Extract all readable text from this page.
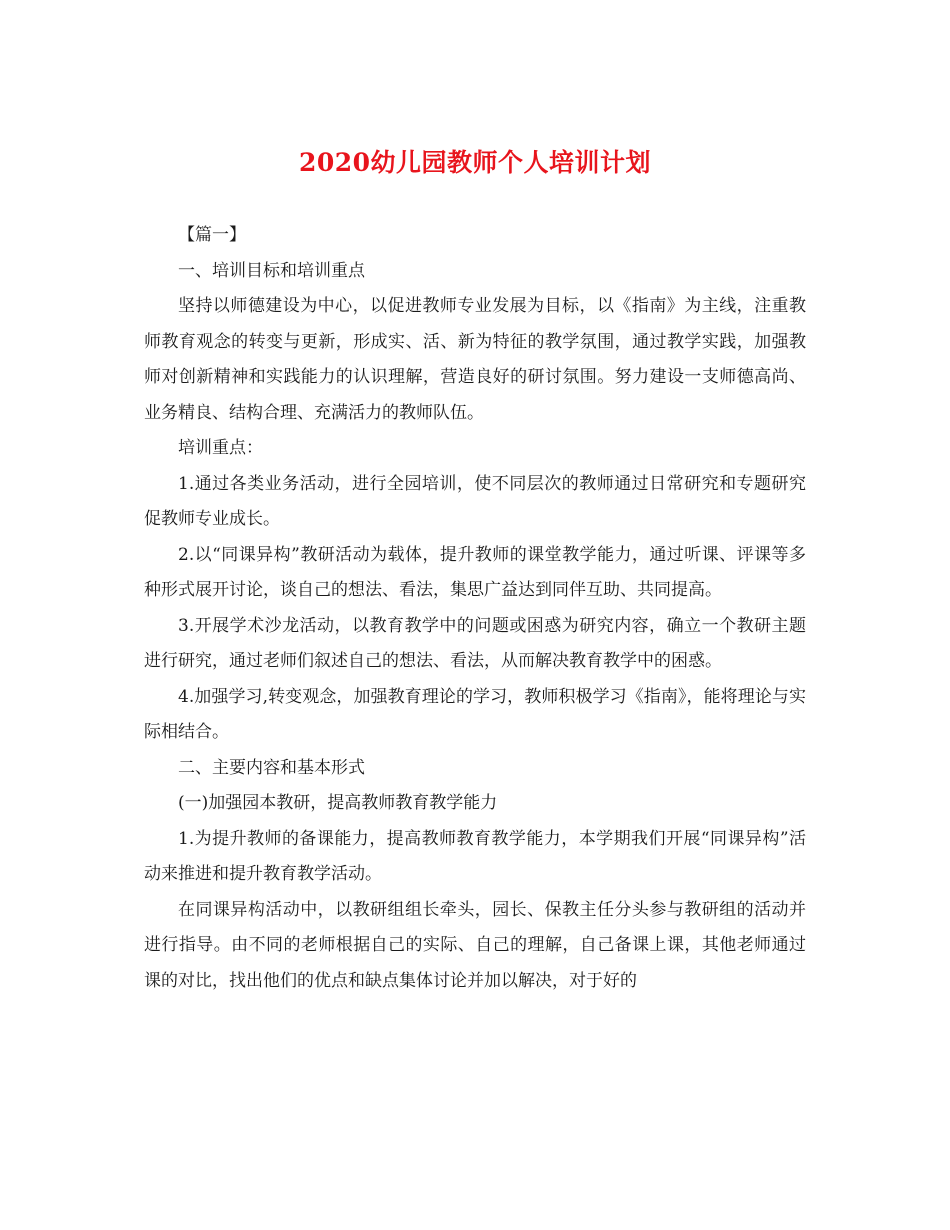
2020幼儿园教师个人培训计划

【篇一】

一、培训目标和培训重点

坚持以师德建设为中心，以促进教师专业发展为目标，以《指南》为主线，注重教师教育观念的转变与更新，形成实、活、新为特征的教学氛围，通过教学实践，加强教师对创新精神和实践能力的认识理解，营造良好的研讨氛围。努力建设一支师德高尚、业务精良、结构合理、充满活力的教师队伍。

培训重点：

1.通过各类业务活动，进行全园培训，使不同层次的教师通过日常研究和专题研究促教师专业成长。

2.以“同课异构”教研活动为载体，提升教师的课堂教学能力，通过听课、评课等多种形式展开讨论，谈自己的想法、看法，集思广益达到同伴互助、共同提高。

3.开展学术沙龙活动，以教育教学中的问题或困惑为研究内容，确立一个教研主题进行研究，通过老师们叙述自己的想法、看法，从而解决教育教学中的困惑。

4.加强学习,转变观念，加强教育理论的学习，教师积极学习《指南》，能将理论与实际相结合。

二、主要内容和基本形式

(一)加强园本教研，提高教师教育教学能力

1.为提升教师的备课能力，提高教师教育教学能力，本学期我们开展“同课异构”活动来推进和提升教育教学活动。

在同课异构活动中，以教研组组长牵头，园长、保教主任分头参与教研组的活动并进行指导。由不同的老师根据自己的实际、自己的理解，自己备课上课，其他老师通过课的对比，找出他们的优点和缺点集体讨论并加以解决，对于好的
